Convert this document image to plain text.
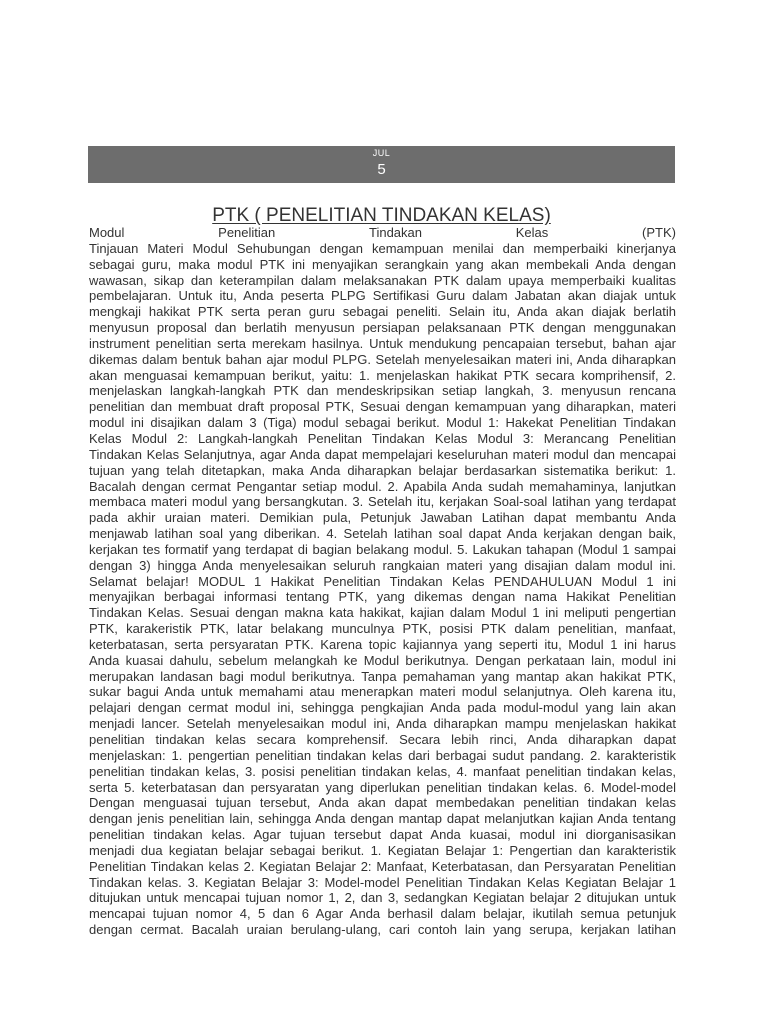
JUL
5
PTK ( PENELITIAN TINDAKAN KELAS)
Modul	Penelitian	Tindakan	Kelas	(PTK)
Tinjauan Materi Modul Sehubungan dengan kemampuan menilai dan memperbaiki kinerjanya
sebagai guru, maka modul PTK ini menyajikan serangkain yang akan membekali Anda dengan
wawasan, sikap dan keterampilan dalam melaksanakan PTK dalam upaya memperbaiki kualitas
pembelajaran. Untuk itu, Anda peserta PLPG Sertifikasi Guru dalam Jabatan akan diajak untuk
mengkaji hakikat PTK serta peran guru sebagai peneliti. Selain itu, Anda akan diajak berlatih
menyusun proposal dan berlatih menyusun persiapan pelaksanaan PTK dengan menggunakan
instrument penelitian serta merekam hasilnya. Untuk mendukung pencapaian tersebut, bahan ajar
dikemas dalam bentuk bahan ajar modul PLPG. Setelah menyelesaikan materi ini, Anda diharapkan
akan menguasai kemampuan berikut, yaitu: 1. menjelaskan hakikat PTK secara komprihensif, 2.
menjelaskan langkah-langkah PTK dan mendeskripsikan setiap langkah, 3. menyusun rencana
penelitian dan membuat draft proposal PTK, Sesuai dengan kemampuan yang diharapkan, materi
modul ini disajikan dalam 3 (Tiga) modul sebagai berikut. Modul 1: Hakekat Penelitian Tindakan
Kelas Modul 2: Langkah-langkah Penelitan Tindakan Kelas Modul 3: Merancang Penelitian
Tindakan Kelas Selanjutnya, agar Anda dapat mempelajari keseluruhan materi modul dan mencapai
tujuan yang telah ditetapkan, maka Anda diharapkan belajar berdasarkan sistematika berikut: 1.
Bacalah dengan cermat Pengantar setiap modul. 2. Apabila Anda sudah memahaminya, lanjutkan
membaca materi modul yang bersangkutan. 3. Setelah itu, kerjakan Soal-soal latihan yang terdapat
pada akhir uraian materi. Demikian pula, Petunjuk Jawaban Latihan dapat membantu Anda
menjawab latihan soal yang diberikan. 4. Setelah latihan soal dapat Anda kerjakan dengan baik,
kerjakan tes formatif yang terdapat di bagian belakang modul. 5. Lakukan tahapan (Modul 1 sampai
dengan 3) hingga Anda menyelesaikan seluruh rangkaian materi yang disajian dalam modul ini.
Selamat belajar! MODUL 1 Hakikat Penelitian Tindakan Kelas PENDAHULUAN Modul 1 ini
menyajikan berbagai informasi tentang PTK, yang dikemas dengan nama Hakikat Penelitian
Tindakan Kelas. Sesuai dengan makna kata hakikat, kajian dalam Modul 1 ini meliputi pengertian
PTK, karakeristik PTK, latar belakang munculnya PTK, posisi PTK dalam penelitian, manfaat,
keterbatasan, serta persyaratan PTK. Karena topic kajiannya yang seperti itu, Modul 1 ini harus
Anda kuasai dahulu, sebelum melangkah ke Modul berikutnya. Dengan perkataan lain, modul ini
merupakan landasan bagi modul berikutnya. Tanpa pemahaman yang mantap akan hakikat PTK,
sukar bagui Anda untuk memahami atau menerapkan materi modul selanjutnya. Oleh karena itu,
pelajari dengan cermat modul ini, sehingga pengkajian Anda pada modul-modul yang lain akan
menjadi lancer. Setelah menyelesaikan modul ini, Anda diharapkan mampu menjelaskan hakikat
penelitian tindakan kelas secara komprehensif. Secara lebih rinci, Anda diharapkan dapat
menjelaskan: 1. pengertian penelitian tindakan kelas dari berbagai sudut pandang. 2. karakteristik
penelitian tindakan kelas, 3. posisi penelitian tindakan kelas, 4. manfaat penelitian tindakan kelas,
serta 5. keterbatasan dan persyaratan yang diperlukan penelitian tindakan kelas. 6. Model-model
Dengan menguasai tujuan tersebut, Anda akan dapat membedakan penelitian tindakan kelas
dengan jenis penelitian lain, sehingga Anda dengan mantap dapat melanjutkan kajian Anda tentang
penelitian tindakan kelas. Agar tujuan tersebut dapat Anda kuasai, modul ini diorganisasikan
menjadi dua kegiatan belajar sebagai berikut. 1. Kegiatan Belajar 1: Pengertian dan karakteristik
Penelitian Tindakan kelas 2. Kegiatan Belajar 2: Manfaat, Keterbatasan, dan Persyaratan Penelitian
Tindakan kelas. 3. Kegiatan Belajar 3: Model-model Penelitian Tindakan Kelas Kegiatan Belajar 1
ditujukan untuk mencapai tujuan nomor 1, 2, dan 3, sedangkan Kegiatan belajar 2 ditujukan untuk
mencapai tujuan nomor 4, 5 dan 6 Agar Anda berhasil dalam belajar, ikutilah semua petunjuk
dengan cermat. Bacalah uraian berulang-ulang, cari contoh lain yang serupa, kerjakan latihan
